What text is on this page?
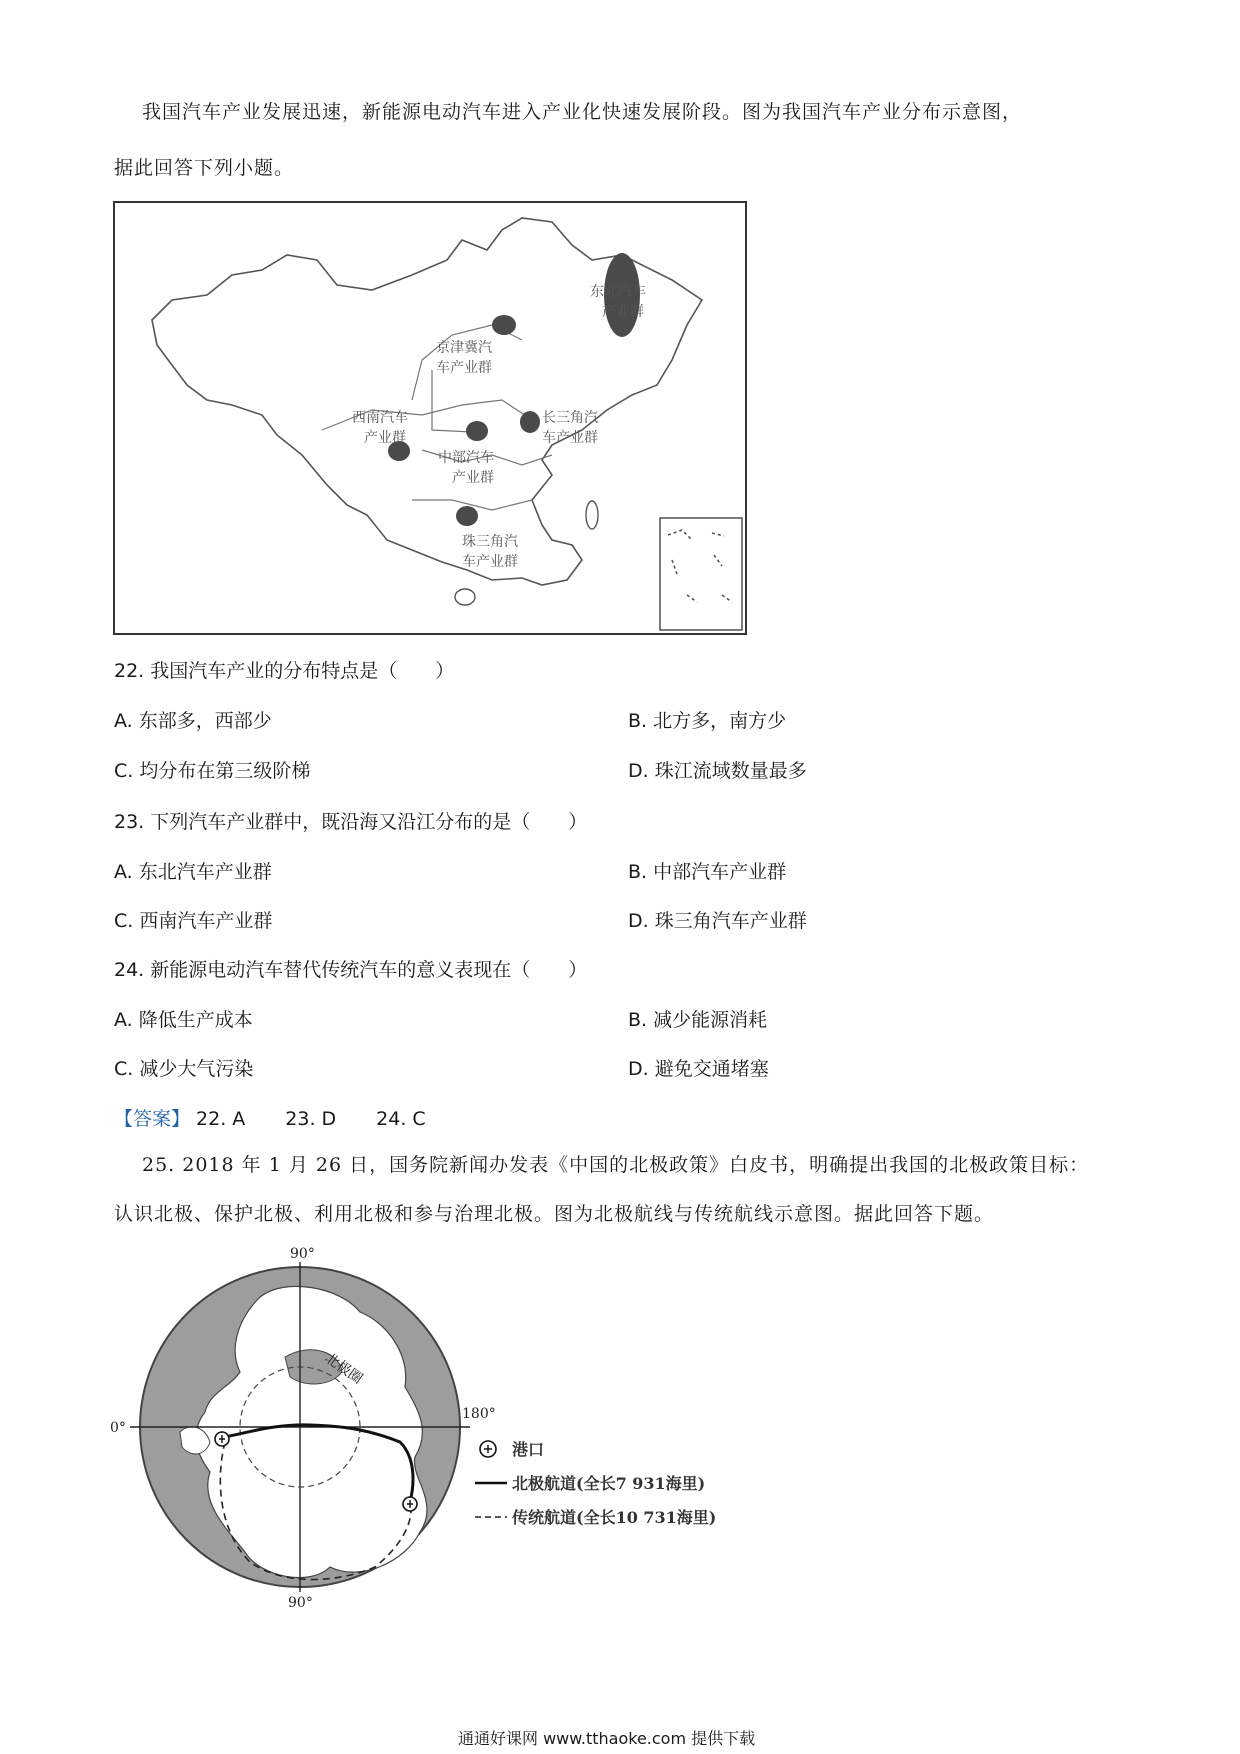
我国汽车产业发展迅速，新能源电动汽车进入产业化快速发展阶段。图为我国汽车产业分布示意图，
据此回答下列小题。
东北汽车
产业群
京津冀汽
车产业群
长三角汽
车产业群
西南汽车
产业群
中部汽车
产业群
珠三角汽
车产业群
22. 我国汽车产业的分布特点是（　　）
A. 东部多，西部少	B. 北方多，南方少
C. 均分布在第三级阶梯	D. 珠江流域数量最多
23. 下列汽车产业群中，既沿海又沿江分布的是（　　）
A. 东北汽车产业群	B. 中部汽车产业群
C. 西南汽车产业群	D. 珠三角汽车产业群
24. 新能源电动汽车替代传统汽车的意义表现在（　　）
A. 降低生产成本	B. 减少能源消耗
C. 减少大气污染	D. 避免交通堵塞
【答案】 22. A 23. D 24. C
25. 2018 年 1 月 26 日，国务院新闻办发表《中国的北极政策》白皮书，明确提出我国的北极政策目标：
认识北极、保护北极、利用北极和参与治理北极。图为北极航线与传统航线示意图。据此回答下题。
北极圈
90°
0°
180°
90°
港口
北极航道(全长7 931海里)
传统航道(全长10 731海里)
通通好课网 www.tthaoke.com 提供下载
